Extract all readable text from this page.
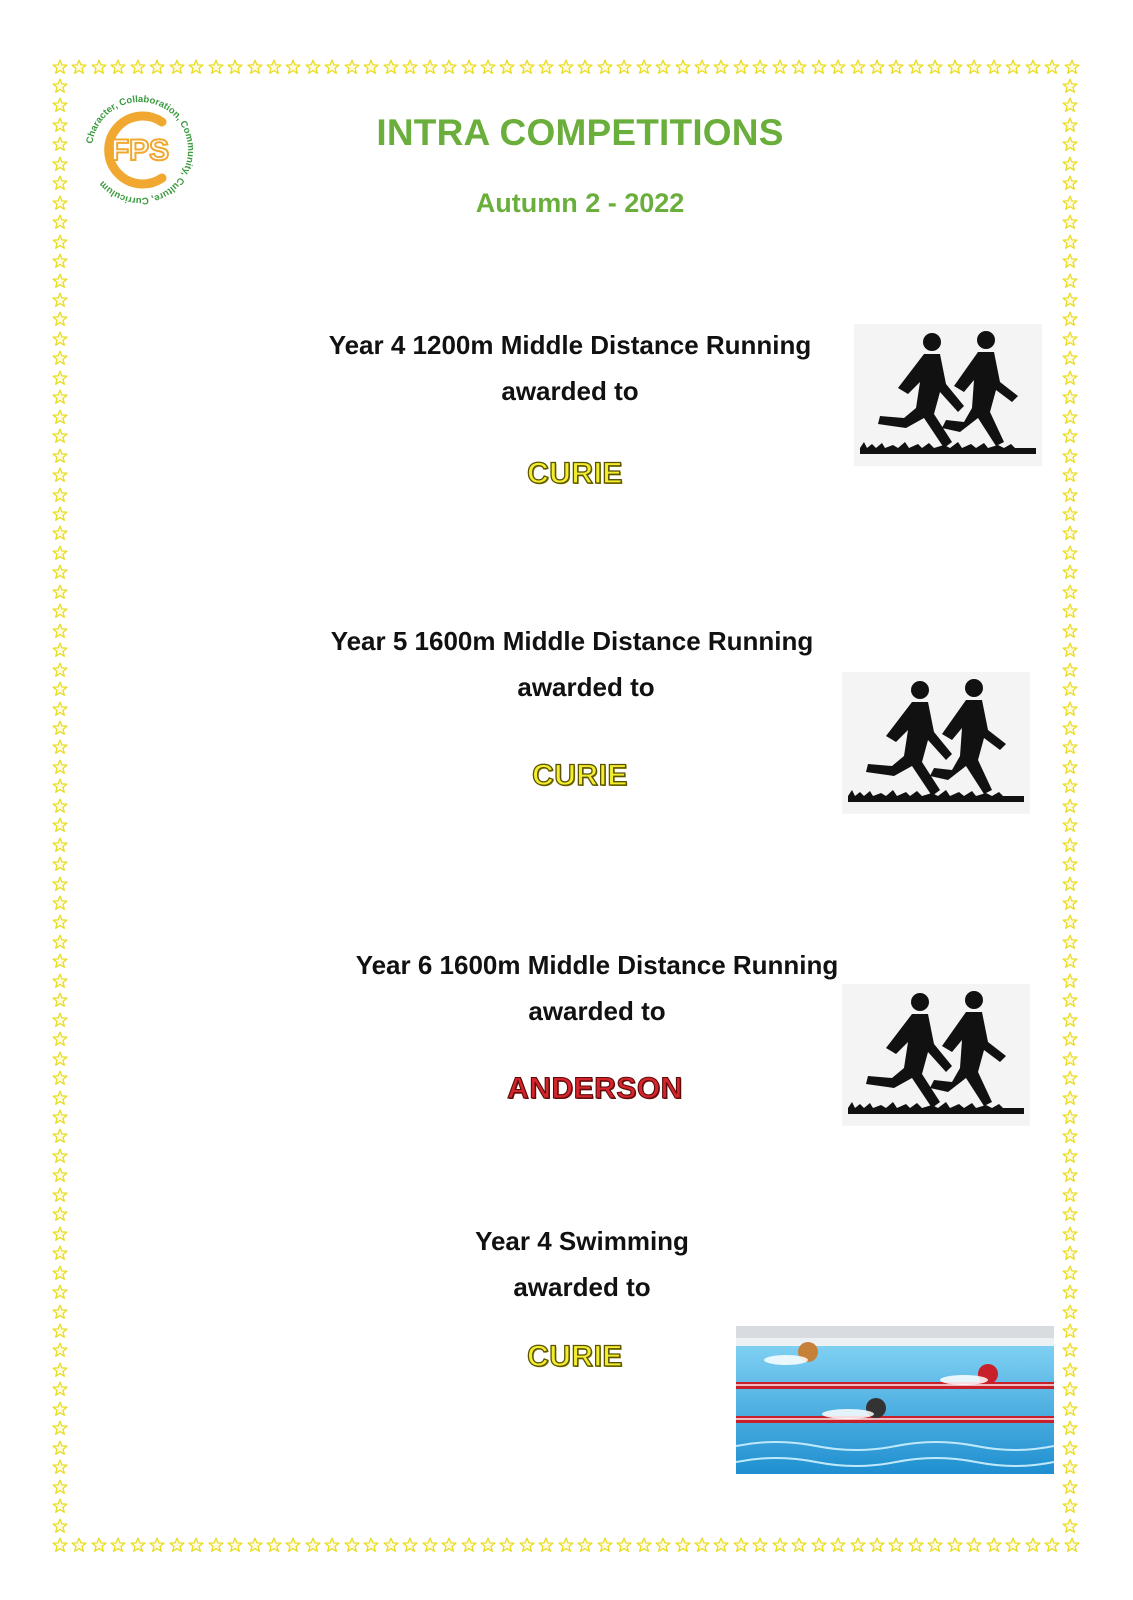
Character, Collaboration, Community, Culture, Curriculum
FPS	INTRA COMPETITIONS
Autumn 2 - 2022
Year 4 1200m Middle Distance Running
awarded to
CURIE
Year 5 1600m Middle Distance Running
awarded to
CURIE
Year 6 1600m Middle Distance Running
awarded to
ANDERSON
Year 4 Swimming
awarded to
CURIE
